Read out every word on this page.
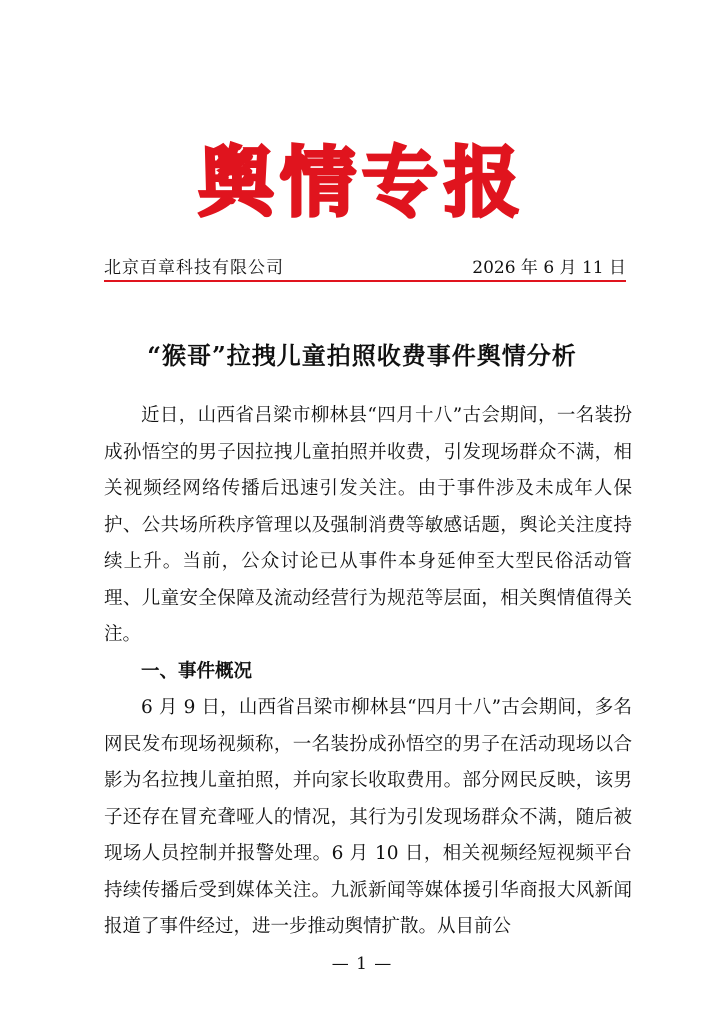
舆情专报
北京百章科技有限公司	2026 年 6 月 11 日
“猴哥”拉拽儿童拍照收费事件舆情分析

近日，山西省吕梁市柳林县“四月十八”古会期间，一名装扮成孙悟空的男子因拉拽儿童拍照并收费，引发现场群众不满，相关视频经网络传播后迅速引发关注。由于事件涉及未成年人保护、公共场所秩序管理以及强制消费等敏感话题，舆论关注度持续上升。当前，公众讨论已从事件本身延伸至大型民俗活动管理、儿童安全保障及流动经营行为规范等层面，相关舆情值得关注。

一、事件概况

6 月 9 日，山西省吕梁市柳林县“四月十八”古会期间，多名网民发布现场视频称，一名装扮成孙悟空的男子在活动现场以合影为名拉拽儿童拍照，并向家长收取费用。部分网民反映，该男子还存在冒充聋哑人的情况，其行为引发现场群众不满，随后被现场人员控制并报警处理。6 月 10 日，相关视频经短视频平台持续传播后受到媒体关注。九派新闻等媒体援引华商报大风新闻报道了事件经过，进一步推动舆情扩散。从目前公

— 1 —
